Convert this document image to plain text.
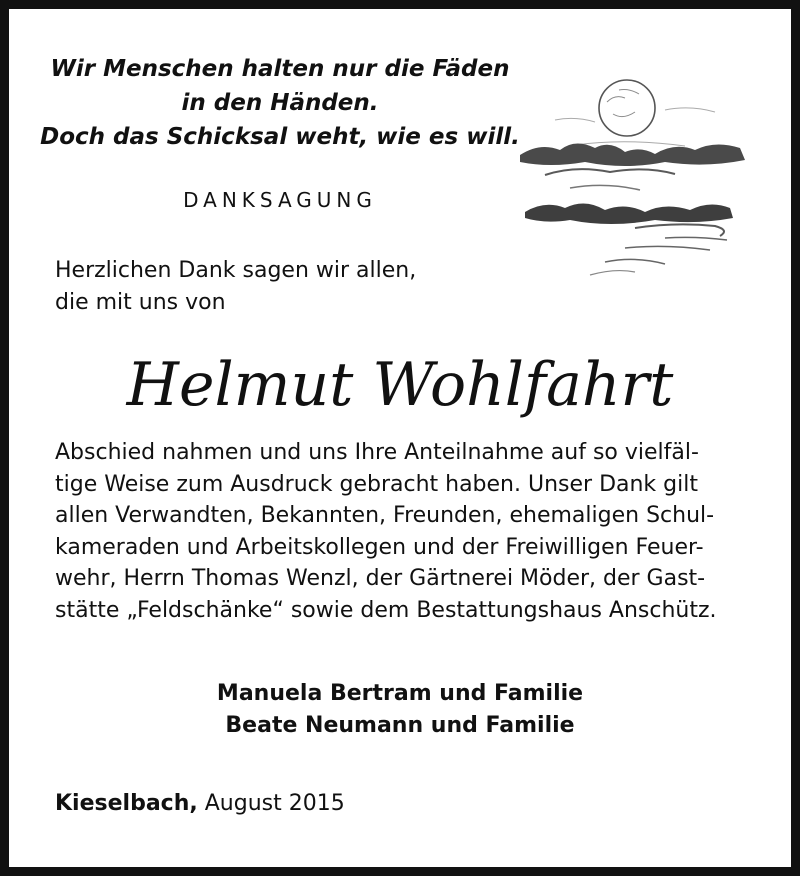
Wir Menschen halten nur die Fäden
in den Händen.
Doch das Schicksal weht, wie es will.
DANKSAGUNG
Herzlichen Dank sagen wir allen,
die mit uns von
Helmut Wohlfahrt
Abschied nahmen und uns Ihre Anteilnahme auf so vielfäl-
tige Weise zum Ausdruck gebracht haben. Unser Dank gilt
allen Verwandten, Bekannten, Freunden, ehemaligen Schul-
kameraden und Arbeitskollegen und der Freiwilligen Feuer-
wehr, Herrn Thomas Wenzl, der Gärtnerei Möder, der Gast-
stätte „Feldschänke“ sowie dem Bestattungshaus Anschütz.
Manuela Bertram und Familie
Beate Neumann und Familie
Kieselbach, August 2015
